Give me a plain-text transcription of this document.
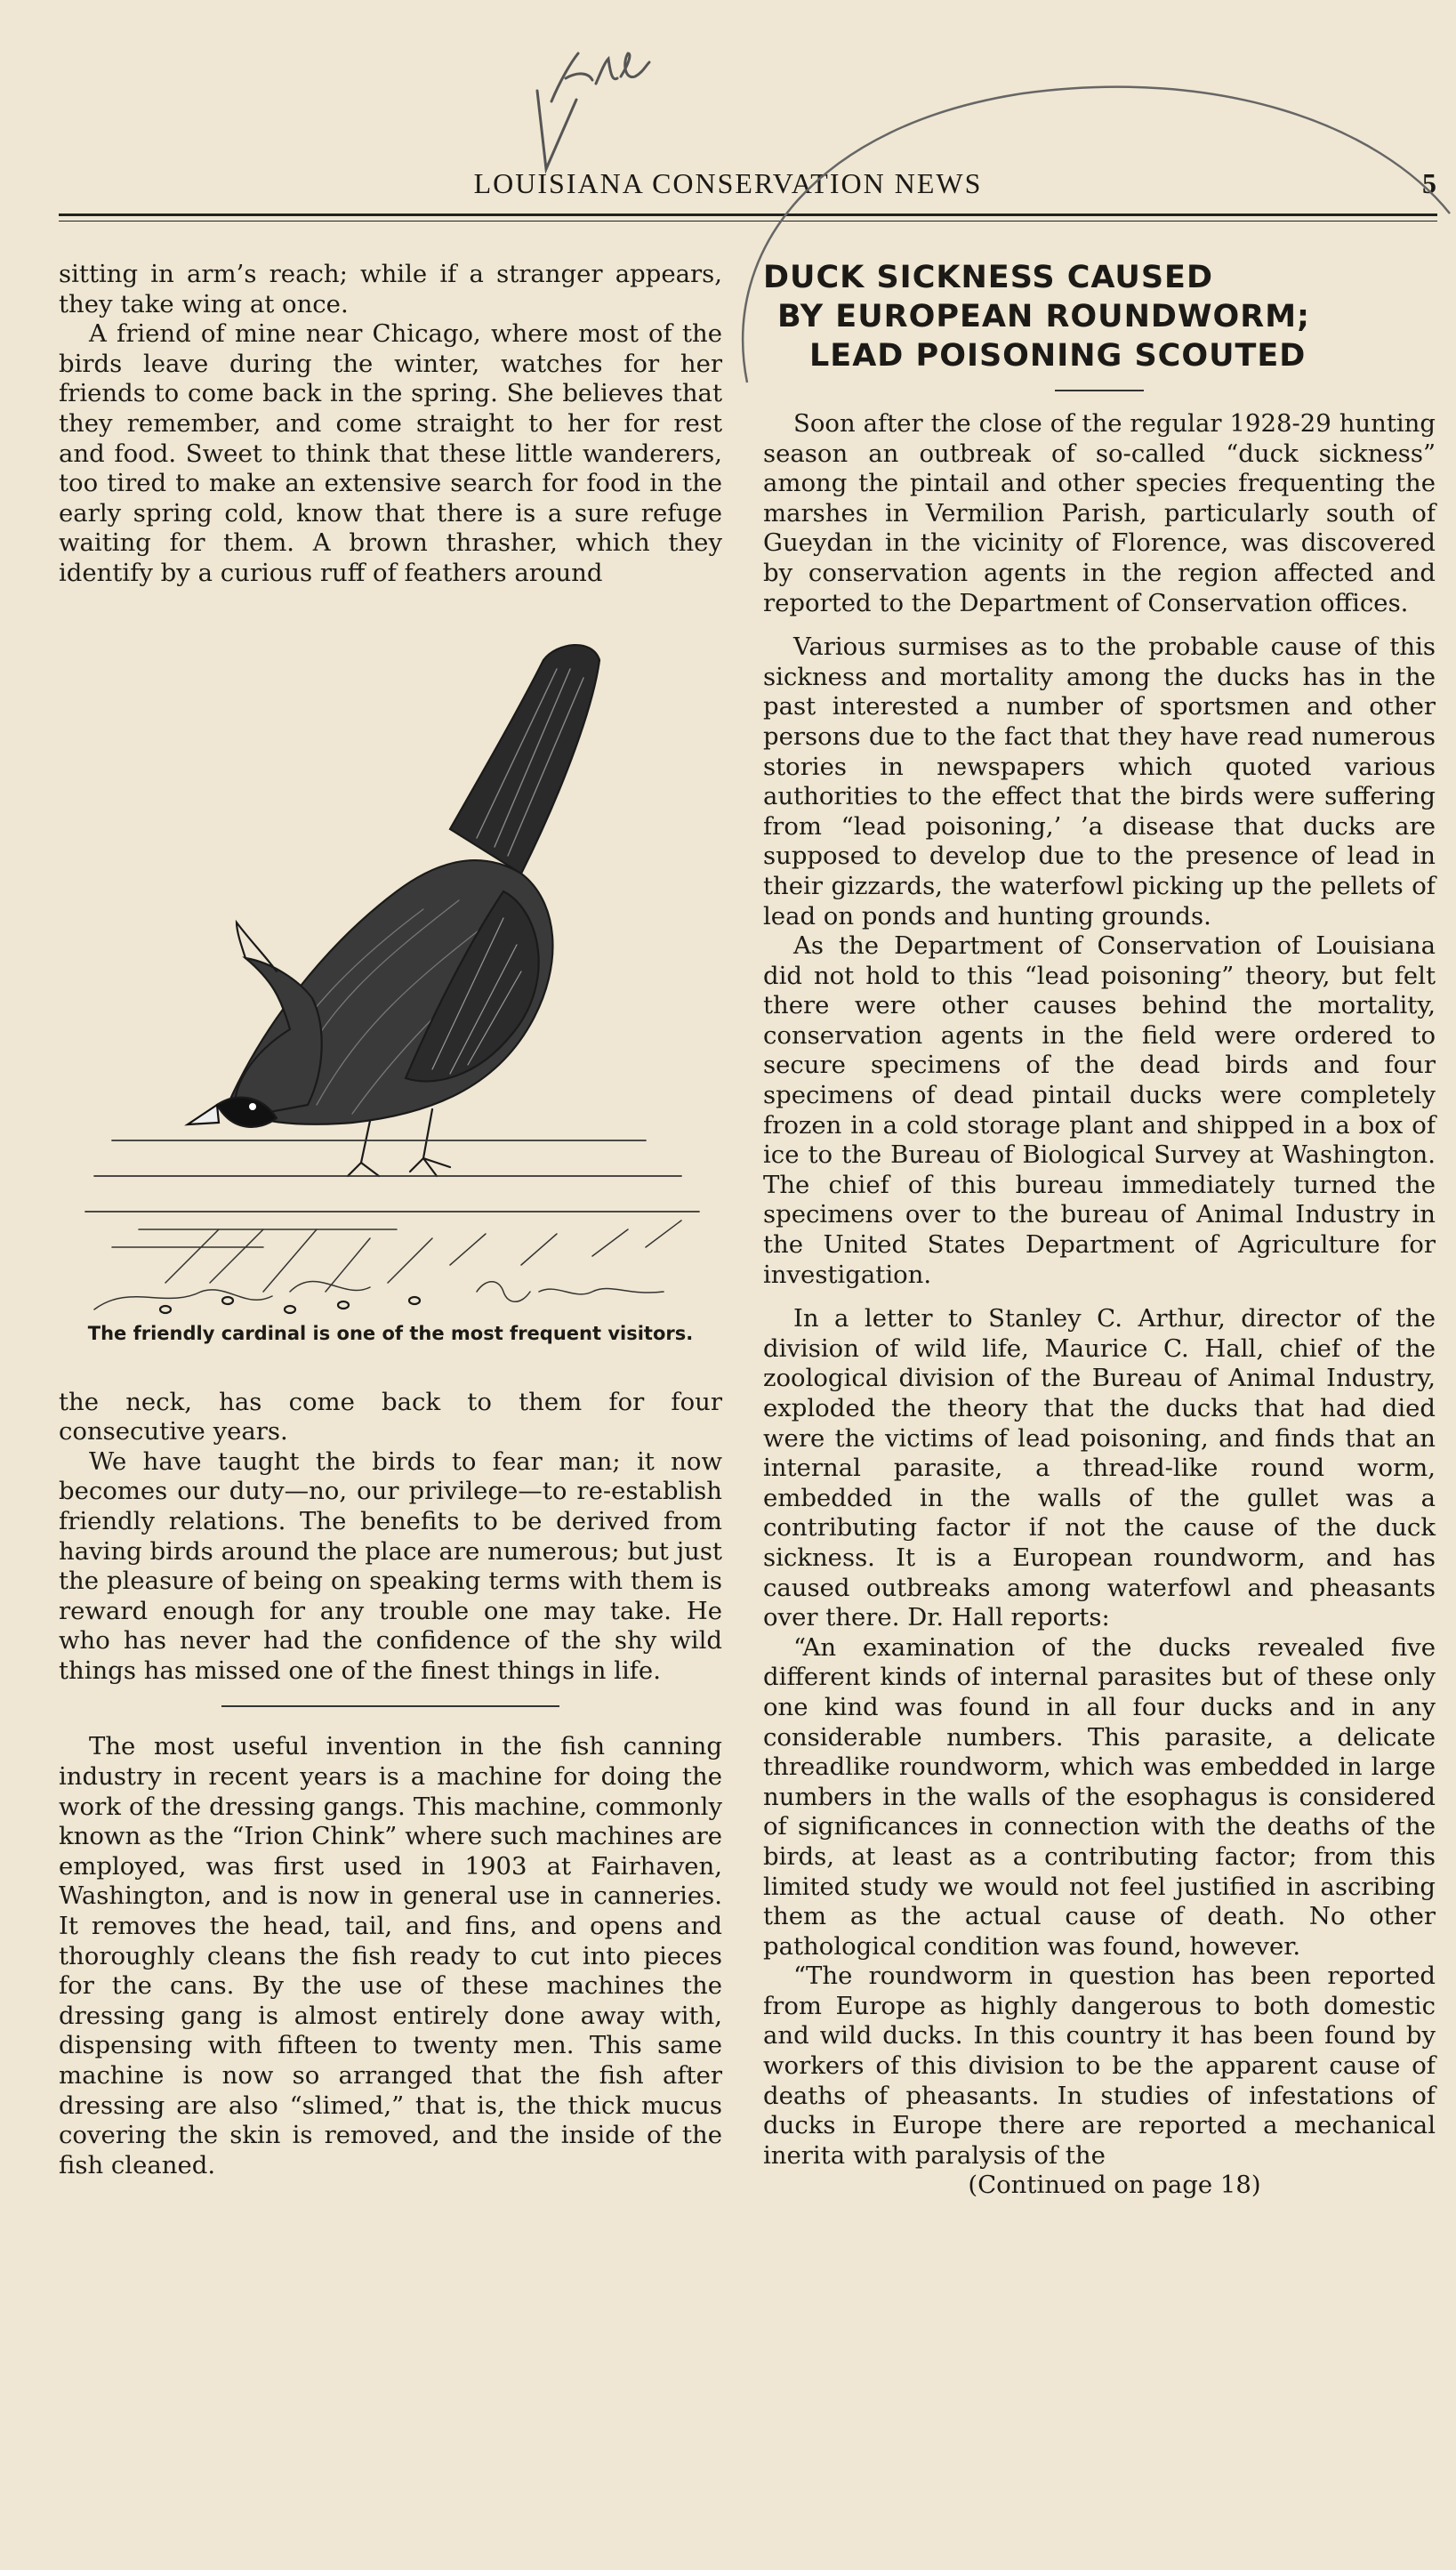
LOUISIANA CONSERVATION NEWS	5

sitting in arm’s reach; while if a stranger appears, they take wing at once.

A friend of mine near Chicago, where most of the birds leave during the winter, watches for her friends to come back in the spring. She believes that they remember, and come straight to her for rest and food. Sweet to think that these little wanderers, too tired to make an extensive search for food in the early spring cold, know that there is a sure refuge waiting for them. A brown thrasher, which they identify by a curious ruff of feathers around

The friendly cardinal is one of the most frequent visitors.

the neck, has come back to them for four consecutive years.

We have taught the birds to fear man; it now becomes our duty—no, our privilege—to re-establish friendly relations. The benefits to be derived from having birds around the place are numerous; but just the pleasure of being on speaking terms with them is reward enough for any trouble one may take. He who has never had the confidence of the shy wild things has missed one of the finest things in life.

The most useful invention in the fish canning industry in recent years is a machine for doing the work of the dressing gangs. This machine, commonly known as the “Irion Chink” where such machines are employed, was first used in 1903 at Fairhaven, Washington, and is now in general use in canneries. It removes the head, tail, and fins, and opens and thoroughly cleans the fish ready to cut into pieces for the cans. By the use of these machines the dressing gang is almost entirely done away with, dispensing with fifteen to twenty men. This same machine is now so arranged that the fish after dressing are also “slimed,” that is, the thick mucus covering the skin is removed, and the inside of the fish cleaned.

DUCK SICKNESS CAUSED
BY EUROPEAN ROUNDWORM;
LEAD POISONING SCOUTED

Soon after the close of the regular 1928-29 hunting season an outbreak of so-called “duck sickness” among the pintail and other species frequenting the marshes in Vermilion Parish, particularly south of Gueydan in the vicinity of Florence, was discovered by conservation agents in the region affected and reported to the Department of Conservation offices.

Various surmises as to the probable cause of this sickness and mortality among the ducks has in the past interested a number of sportsmen and other persons due to the fact that they have read numerous stories in newspapers which quoted various authorities to the effect that the birds were suffering from “lead poisoning,’ ’a disease that ducks are supposed to develop due to the presence of lead in their gizzards, the waterfowl picking up the pellets of lead on ponds and hunting grounds.

As the Department of Conservation of Louisiana did not hold to this “lead poisoning” theory, but felt there were other causes behind the mortality, conservation agents in the field were ordered to secure specimens of the dead birds and four specimens of dead pintail ducks were completely frozen in a cold storage plant and shipped in a box of ice to the Bureau of Biological Survey at Washington. The chief of this bureau immediately turned the specimens over to the bureau of Animal Industry in the United States Department of Agriculture for investigation.

In a letter to Stanley C. Arthur, director of the division of wild life, Maurice C. Hall, chief of the zoological division of the Bureau of Animal Industry, exploded the theory that the ducks that had died were the victims of lead poisoning, and finds that an internal parasite, a thread-like round worm, embedded in the walls of the gullet was a contributing factor if not the cause of the duck sickness. It is a European roundworm, and has caused outbreaks among waterfowl and pheasants over there. Dr. Hall reports:

“An examination of the ducks revealed five different kinds of internal parasites but of these only one kind was found in all four ducks and in any considerable numbers. This parasite, a delicate threadlike roundworm, which was embedded in large numbers in the walls of the esophagus is considered of significances in connection with the deaths of the birds, at least as a contributing factor; from this limited study we would not feel justified in ascribing them as the actual cause of death. No other pathological condition was found, however.

“The roundworm in question has been reported from Europe as highly dangerous to both domestic and wild ducks. In this country it has been found by workers of this division to be the apparent cause of deaths of pheasants. In studies of infestations of ducks in Europe there are reported a mechanical inerita with paralysis of the

(Continued on page 18)
